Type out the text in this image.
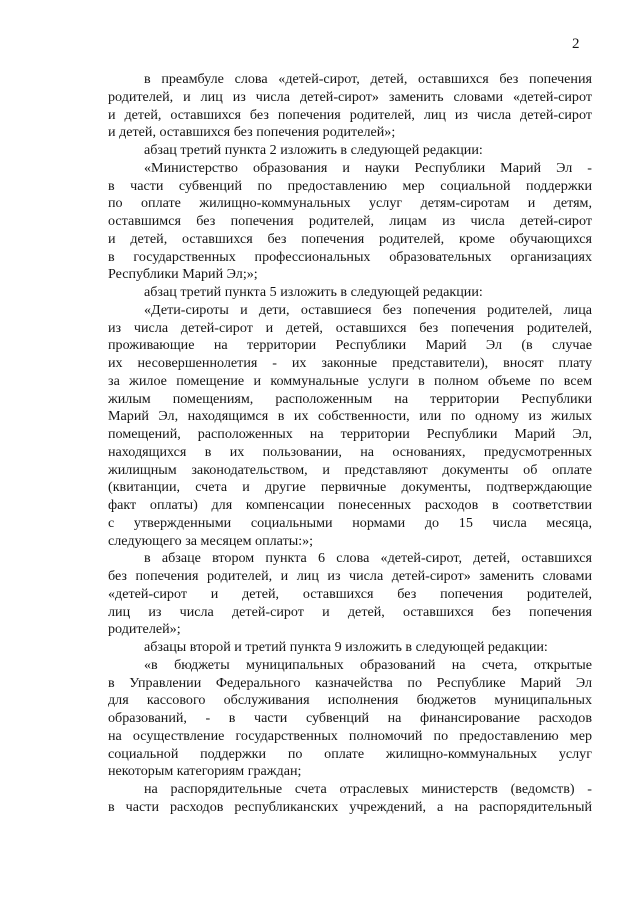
2
в преамбуле слова «детей-сирот, детей, оставшихся без попечения
родителей, и лиц из числа детей-сирот» заменить словами «детей-сирот
и детей, оставшихся без попечения родителей, лиц из числа детей-сирот
и детей, оставшихся без попечения родителей»;
абзац третий пункта 2 изложить в следующей редакции:
«Министерство образования и науки Республики Марий Эл -
в части субвенций по предоставлению мер социальной поддержки
по оплате жилищно-коммунальных услуг детям-сиротам и детям,
оставшимся без попечения родителей, лицам из числа детей-сирот
и детей, оставшихся без попечения родителей, кроме обучающихся
в государственных профессиональных образовательных организациях
Республики Марий Эл;»;
абзац третий пункта 5 изложить в следующей редакции:
«Дети-сироты и дети, оставшиеся без попечения родителей, лица
из числа детей-сирот и детей, оставшихся без попечения родителей,
проживающие на территории Республики Марий Эл (в случае
их несовершеннолетия - их законные представители), вносят плату
за жилое помещение и коммунальные услуги в полном объеме по всем
жилым помещениям, расположенным на территории Республики
Марий Эл, находящимся в их собственности, или по одному из жилых
помещений, расположенных на территории Республики Марий Эл,
находящихся в их пользовании, на основаниях, предусмотренных
жилищным законодательством, и представляют документы об оплате
(квитанции, счета и другие первичные документы, подтверждающие
факт оплаты) для компенсации понесенных расходов в соответствии
с утвержденными социальными нормами до 15 числа месяца,
следующего за месяцем оплаты:»;
в абзаце втором пункта 6 слова «детей-сирот, детей, оставшихся
без попечения родителей, и лиц из числа детей-сирот» заменить словами
«детей-сирот и детей, оставшихся без попечения родителей,
лиц из числа детей-сирот и детей, оставшихся без попечения
родителей»;
абзацы второй и третий пункта 9 изложить в следующей редакции:
«в бюджеты муниципальных образований на счета, открытые
в Управлении Федерального казначейства по Республике Марий Эл
для кассового обслуживания исполнения бюджетов муниципальных
образований, - в части субвенций на финансирование расходов
на осуществление государственных полномочий по предоставлению мер
социальной поддержки по оплате жилищно-коммунальных услуг
некоторым категориям граждан;
на распорядительные счета отраслевых министерств (ведомств) -
в части расходов республиканских учреждений, а на распорядительный
